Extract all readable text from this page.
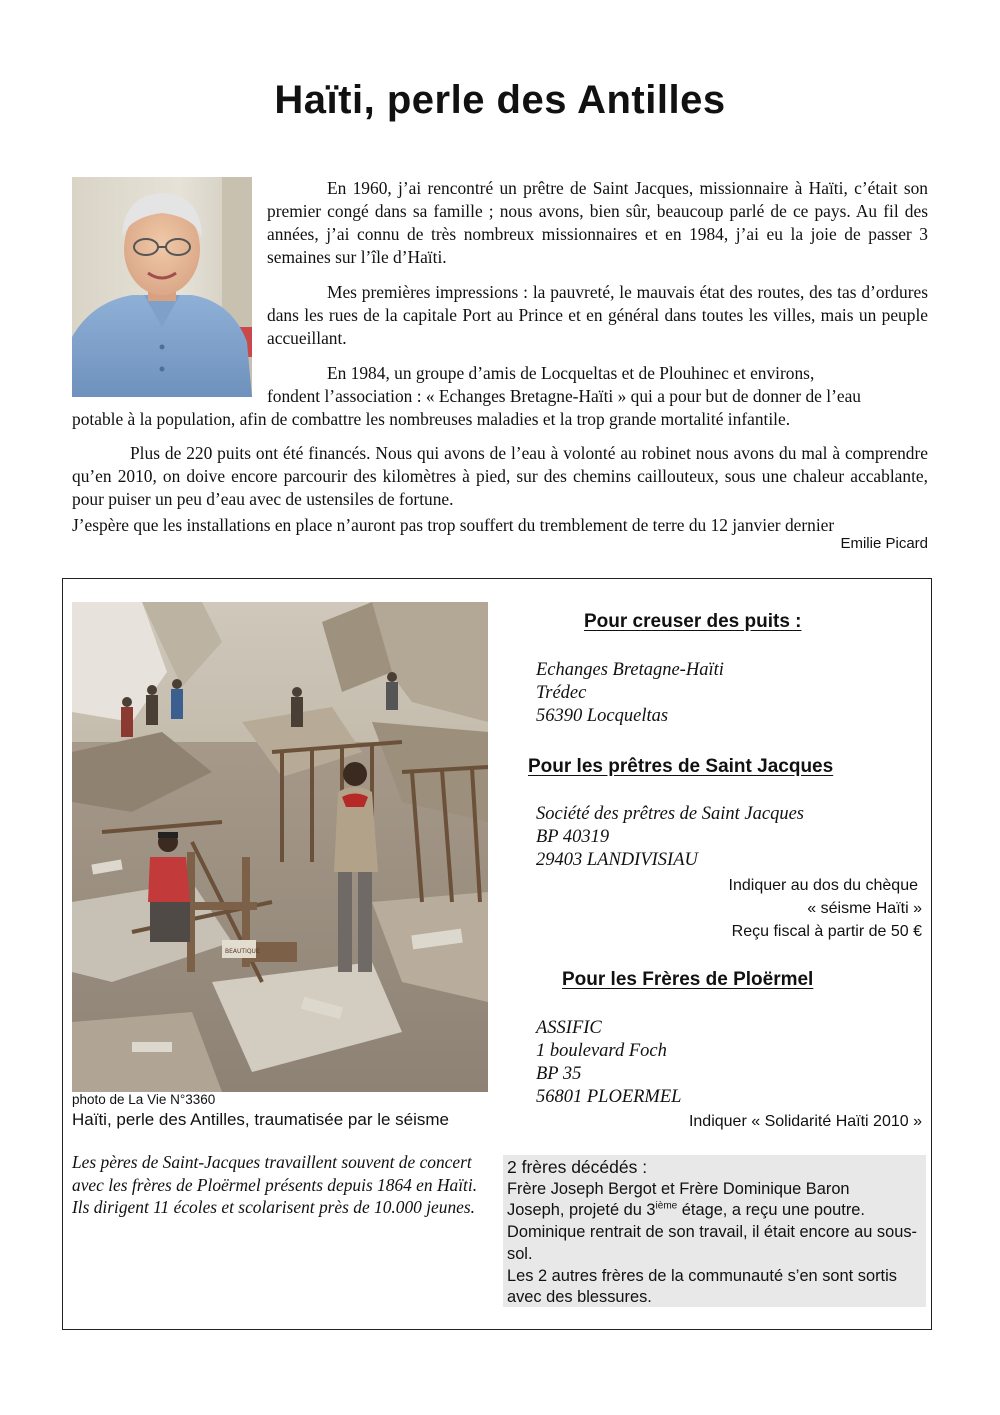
Haïti, perle des Antilles

En 1960, j’ai rencontré un prêtre de Saint Jacques, missionnaire à Haïti, c’était son premier congé dans sa famille ; nous avons, bien sûr, beaucoup parlé de ce pays. Au fil des années, j’ai connu de très nombreux missionnaires et en 1984, j’ai eu la joie de passer 3 semaines sur l’île d’Haïti.

Mes premières impressions : la pauvreté, le mauvais état des routes, des tas d’ordures dans les rues de la capitale Port au Prince et en général dans toutes les villes, mais un peuple accueillant.

En 1984, un groupe d’amis de Locqueltas et de Plouhinec et environs,

fondent l’association : « Echanges Bretagne-Haïti » qui a pour but de donner de l’eau

potable à la population, afin de combattre les nombreuses maladies et la trop grande mortalité infantile.

Plus de 220 puits ont été financés. Nous qui avons de l’eau à volonté au robinet nous avons du mal à comprendre qu’en 2010, on doive encore parcourir des kilomètres à pied, sur des chemins caillouteux, sous une chaleur accablante, pour puiser un peu d’eau avec de ustensiles de fortune.

J’espère que les installations en place n’auront pas trop souffert du tremblement de terre du 12 janvier dernier

Emilie Picard

BEAUTIQUE

photo de La Vie N°3360

Haïti, perle des Antilles, traumatisée par le séisme

Les pères de Saint-Jacques travaillent souvent de concert avec les frères de Ploërmel présents depuis 1864 en Haïti.
Ils dirigent 11 écoles et scolarisent près de 10.000 jeunes.

Pour creuser des puits :

Echanges Bretagne-Haïti
Trédec
56390 Locqueltas

Pour les prêtres de Saint Jacques

Société des prêtres de Saint Jacques
BP 40319
29403 LANDIVISIAU
Indiquer au dos du chèque
« séisme Haïti »
Reçu fiscal à partir de 50 €

Pour les Frères de Ploërmel

ASSIFIC
1 boulevard Foch
BP 35
56801 PLOERMEL
Indiquer « Solidarité Haïti 2010 »

2 frères décédés :

Frère Joseph Bergot et Frère Dominique Baron

Joseph, projeté du 3ième étage, a reçu une poutre.

Dominique rentrait de son travail, il était encore au sous-sol.

Les 2 autres frères de la communauté s’en sont sortis avec des blessures.
